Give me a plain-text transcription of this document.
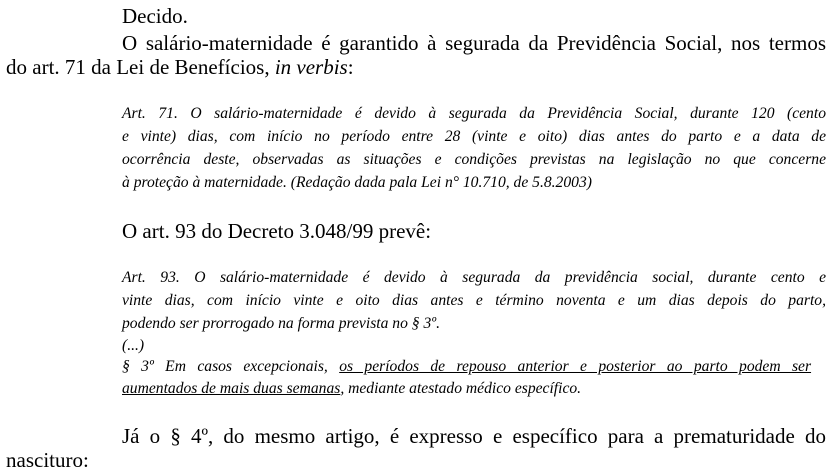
Decido.
O salário-maternidade é garantido à segurada da Previdência Social, nos termos
do art. 71 da Lei de Benefícios, in verbis:
Art. 71. O salário-maternidade é devido à segurada da Previdência Social, durante 120 (cento
e vinte) dias, com início no período entre 28 (vinte e oito) dias antes do parto e a data de
ocorrência deste, observadas as situações e condições previstas na legislação no que concerne
à proteção à maternidade. (Redação dada pala Lei n° 10.710, de 5.8.2003)
O art. 93 do Decreto 3.048/99 prevê:
Art. 93. O salário-maternidade é devido à segurada da previdência social, durante cento e
vinte dias, com início vinte e oito dias antes e término noventa e um dias depois do parto,
podendo ser prorrogado na forma prevista no § 3º.
(...)
§ 3º Em casos excepcionais, os períodos de repouso anterior e posterior ao parto podem ser
aumentados de mais duas semanas, mediante atestado médico específico.
Já o § 4º, do mesmo artigo, é expresso e específico para a prematuridade do
nascituro:
